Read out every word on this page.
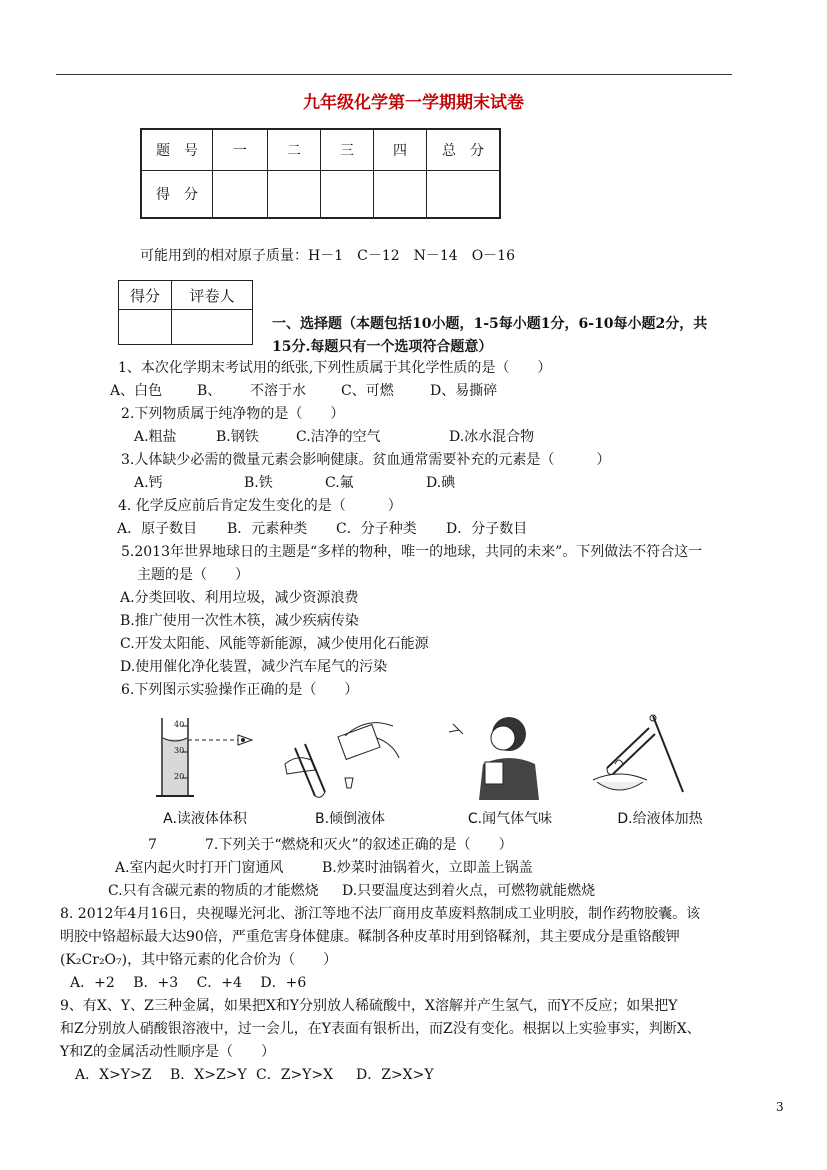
九年级化学第一学期期末试卷
题　号	一	二	三	四	总　分
得　分					
可能用到的相对原子质量：H－1　C－12　N－14　O－16
得分	评卷人

一、选择题（本题包括10小题，1-5每小题1分，6-10每小题2分，共
15分.每题只有一个选项符合题意）
1、本次化学期末考试用的纸张,下列性质属于其化学性质的是（　　）
A、白色 B、 不溶于水	C、可燃	D、易撕碎
2.下列物质属于纯净物的是（　　）
A.粗盐	B.钢铁	C.洁净的空气	D.冰水混合物
3.人体缺少必需的微量元素会影响健康。贫血通常需要补充的元素是（　　　）
A.钙	B.铁	C.氟	D.碘
4. 化学反应前后肯定发生变化的是（　　　）
A．原子数目 B．元素种类 C．分子种类 D．分子数目
5.2013年世界地球日的主题是“多样的物种，唯一的地球，共同的未来”。下列做法不符合这一
主题的是（　　）
A.分类回收、利用垃圾，减少资源浪费
B.推广使用一次性木筷，减少疾病传染
C.开发太阳能、风能等新能源，减少使用化石能源
D.使用催化净化装置，减少汽车尾气的污染
6.下列图示实验操作正确的是（　　）
40
30
20
A.读液体体积	B.倾倒液体	C.闻气体气味	D.给液体加热
7	7.下列关于“燃烧和灭火”的叙述正确的是（　　）
A.室内起火时打开门窗通风	B.炒菜时油锅着火，立即盖上锅盖
C.只有含碳元素的物质的才能燃烧 D.只要温度达到着火点，可燃物就能燃烧
8. 2012年4月16日，央视曝光河北、浙江等地不法厂商用皮革废料熬制成工业明胶，制作药物胶囊。该
明胶中铬超标最大达90倍，严重危害身体健康。鞣制各种皮革时用到铬鞣剂，其主要成分是重铬酸钾
(K₂Cr₂O₇)，其中铬元素的化合价为（　　）
A．+2　 B．+3　 C．+4　 D．+6
9、有X、Y、Z三种金属，如果把X和Y分别放人稀硫酸中，X溶解并产生氢气，而Y不反应；如果把Y
和Z分别放人硝酸银溶液中，过一会儿，在Y表面有银析出，而Z没有变化。根据以上实验事实，判断X、
Y和Z的金属活动性顺序是（　　）
A．X>Y>Z B．X>Z>Y C．Z>Y>X D．Z>X>Y
3
